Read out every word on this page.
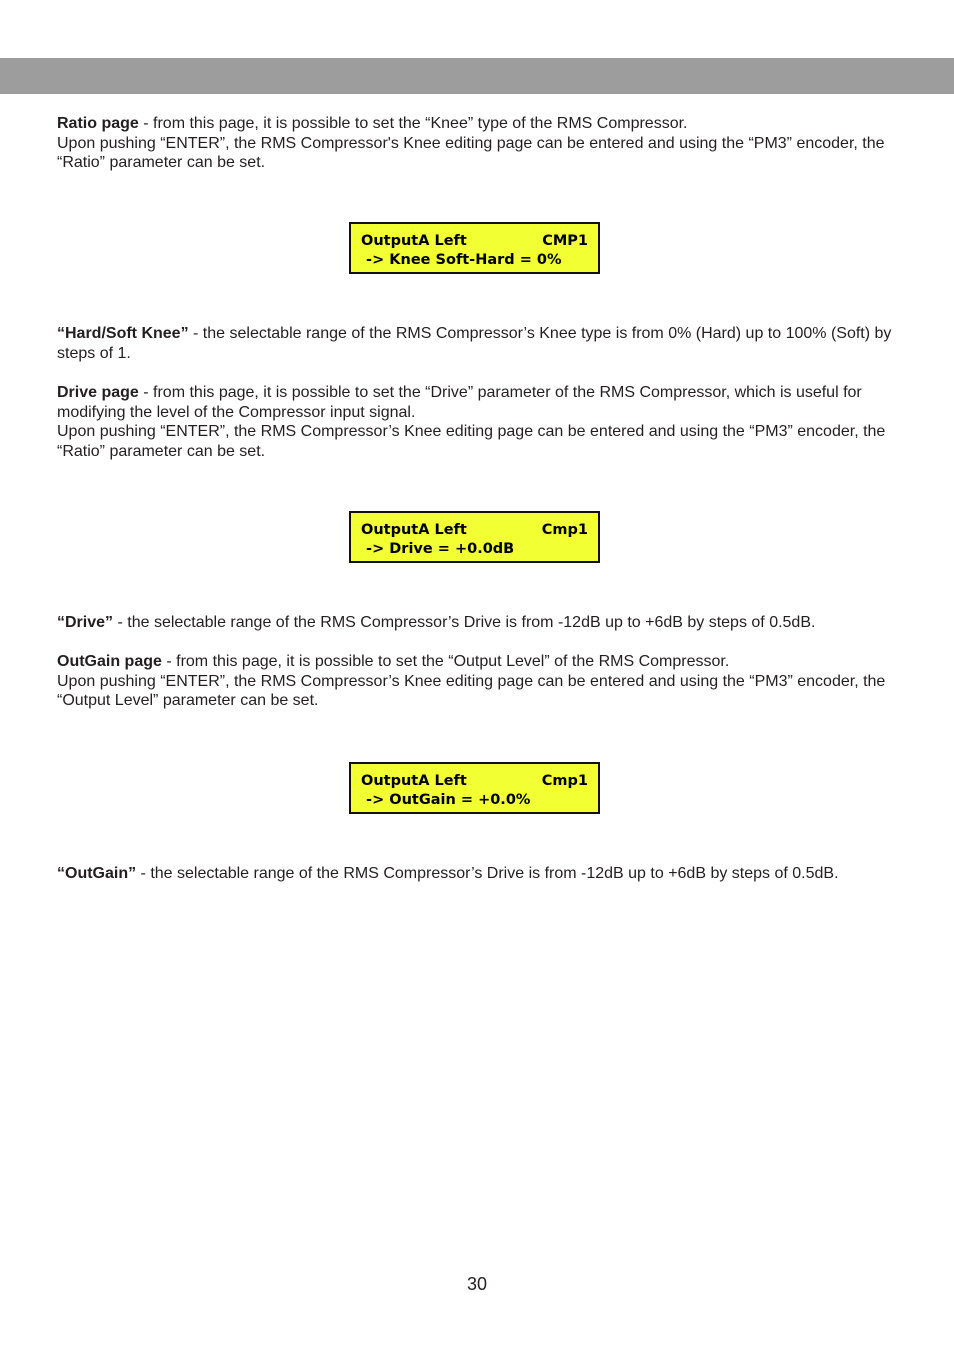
Ratio page - from this page, it is possible to set the “Knee” type of the RMS Compressor.

Upon pushing “ENTER”, the RMS Compressor's Knee editing page can be entered and using the “PM3” encoder, the “Ratio” parameter can be set.

OutputA Left	CMP1
-> Knee Soft-Hard = 0%

“Hard/Soft Knee” - the selectable range of the RMS Compressor’s Knee type is from 0% (Hard) up to 100% (Soft) by steps of 1.

Drive page - from this page, it is possible to set the “Drive” parameter of the RMS Compressor, which is useful for modifying the level of the Compressor input signal.

Upon pushing “ENTER”, the RMS Compressor’s Knee editing page can be entered and using the “PM3” encoder, the “Ratio” parameter can be set.

OutputA Left	Cmp1
-> Drive = +0.0dB

“Drive” - the selectable range of the RMS Compressor’s Drive is from -12dB up to +6dB by steps of 0.5dB.

OutGain page - from this page, it is possible to set the “Output Level” of the RMS Compressor.

Upon pushing “ENTER”, the RMS Compressor’s Knee editing page can be entered and using the “PM3” encoder, the “Output Level” parameter can be set.

OutputA Left	Cmp1
-> OutGain = +0.0%

“OutGain” - the selectable range of the RMS Compressor’s Drive is from -12dB up to +6dB by steps of 0.5dB.

30
